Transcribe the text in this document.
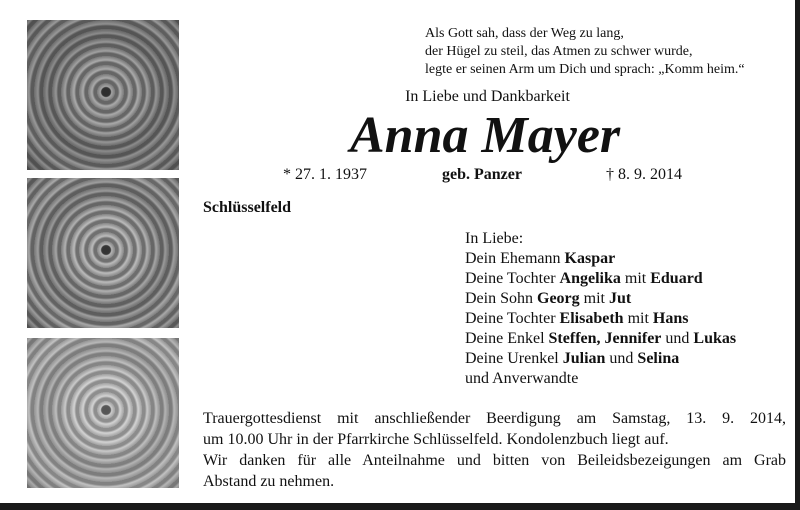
Als Gott sah, dass der Weg zu lang,
der Hügel zu steil, das Atmen zu schwer wurde,
legte er seinen Arm um Dich und sprach: „Komm heim.“
In Liebe und Dankbarkeit
Anna Mayer
* 27. 1. 1937	geb. Panzer	† 8. 9. 2014
Schlüsselfeld
In Liebe:
Dein Ehemann Kaspar
Deine Tochter Angelika mit Eduard
Dein Sohn Georg mit Jut
Deine Tochter Elisabeth mit Hans
Deine Enkel Steffen, Jennifer und Lukas
Deine Urenkel Julian und Selina
und Anverwandte
Trauergottesdienst mit anschließender Beerdigung am Samstag, 13. 9. 2014,
um 10.00 Uhr in der Pfarrkirche Schlüsselfeld. Kondolenzbuch liegt auf.
Wir danken für alle Anteilnahme und bitten von Beileidsbezeigungen am Grab
Abstand zu nehmen.
